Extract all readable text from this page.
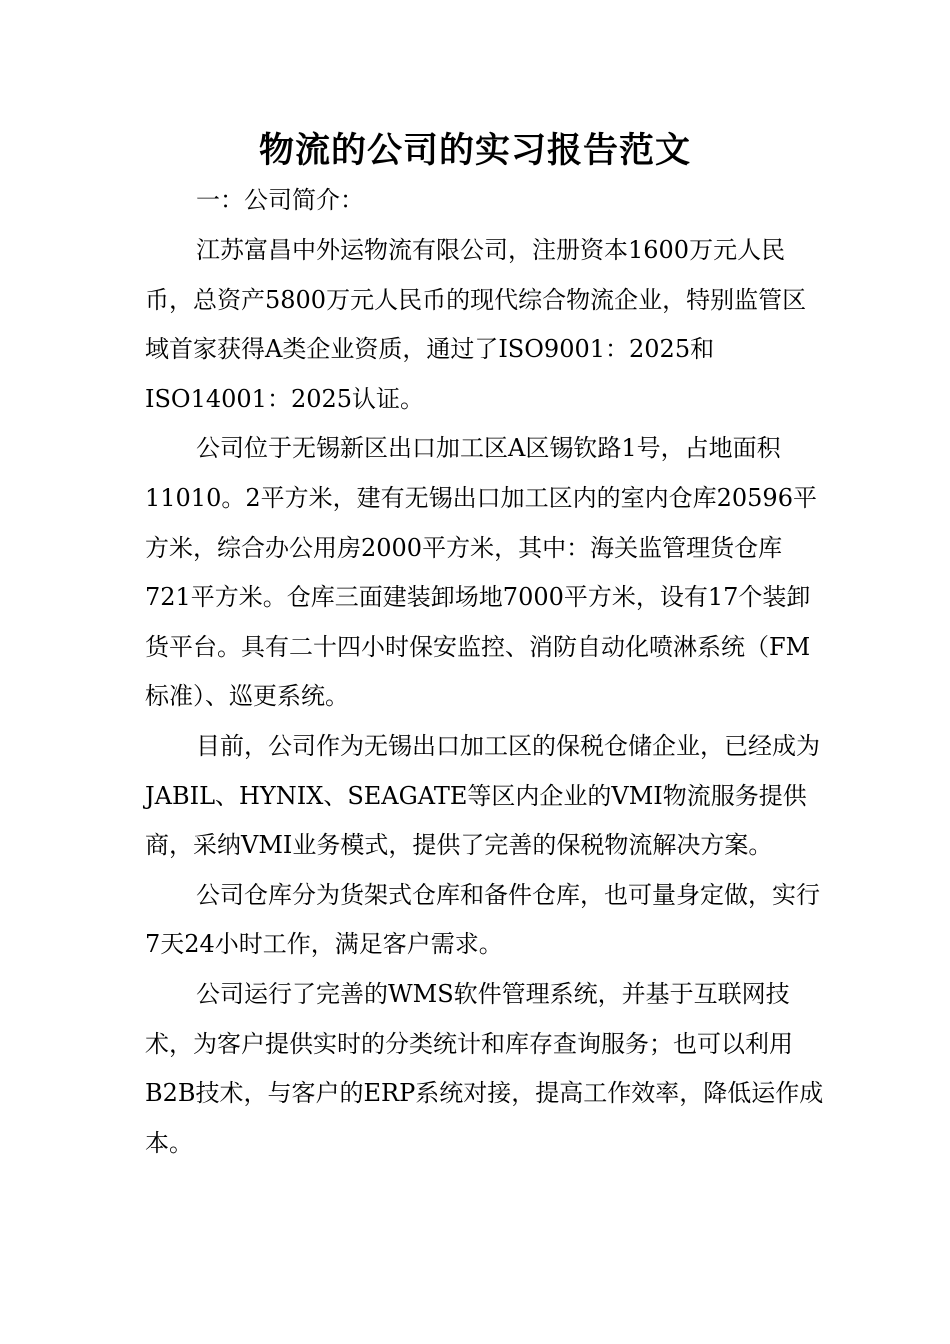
物流的公司的实习报告范文

一：公司简介：

江苏富昌中外运物流有限公司，注册资本1600万元人民币，总资产5800万元人民币的现代综合物流企业，特别监管区域首家获得A类企业资质，通过了ISO9001：2025和ISO14001：2025认证。

公司位于无锡新区出口加工区A区锡钦路1号，占地面积11010。2平方米，建有无锡出口加工区内的室内仓库20596平方米，综合办公用房2000平方米，其中：海关监管理货仓库721平方米。仓库三面建装卸场地7000平方米，设有17个装卸货平台。具有二十四小时保安监控、消防自动化喷淋系统（FM标准）、巡更系统。

目前，公司作为无锡出口加工区的保税仓储企业，已经成为JABIL、HYNIX、SEAGATE等区内企业的VMI物流服务提供商，采纳VMI业务模式，提供了完善的保税物流解决方案。

公司仓库分为货架式仓库和备件仓库，也可量身定做，实行7天24小时工作，满足客户需求。

公司运行了完善的WMS软件管理系统，并基于互联网技术，为客户提供实时的分类统计和库存查询服务；也可以利用B2B技术，与客户的ERP系统对接，提高工作效率，降低运作成本。
